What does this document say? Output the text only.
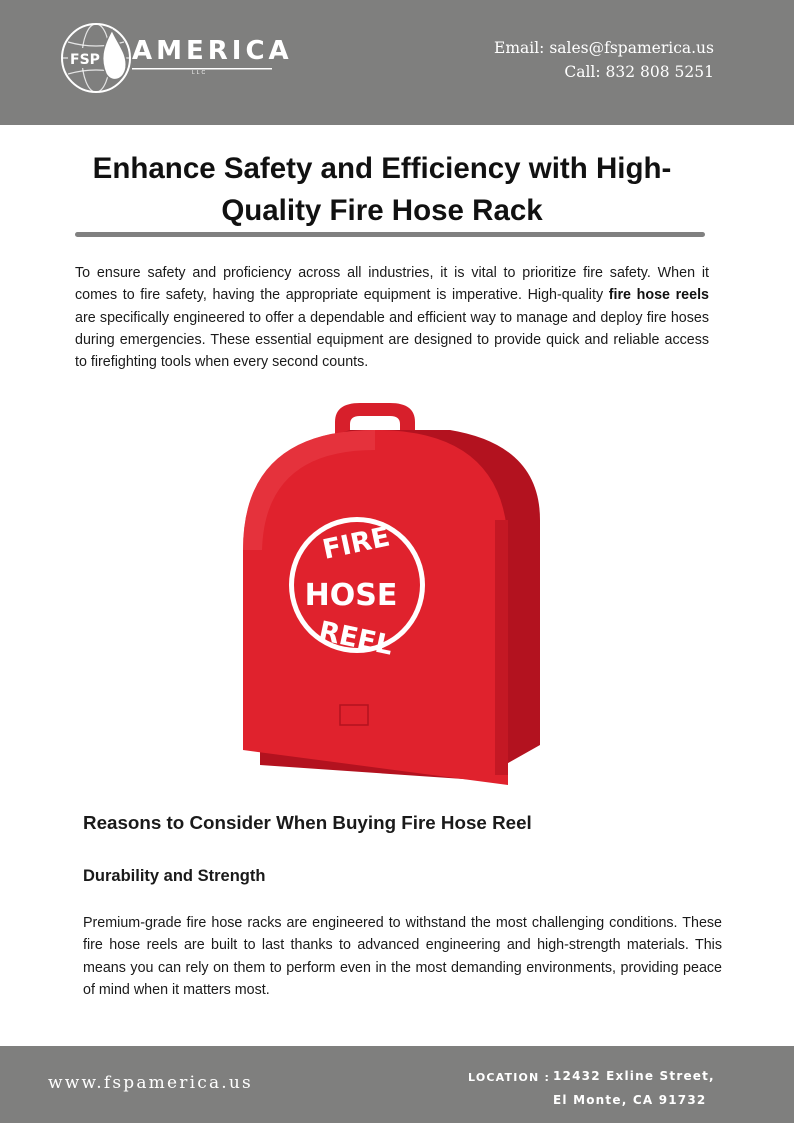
FSP AMERICA
LLC
Email: sales@fspamerica.us
Call: 832 808 5251
Enhance Safety and Efficiency with High-Quality Fire Hose Rack

To ensure safety and proficiency across all industries, it is vital to prioritize fire safety. When it comes to fire safety, having the appropriate equipment is imperative. High-quality fire hose reels are specifically engineered to offer a dependable and efficient way to manage and deploy fire hoses during emergencies. These essential equipment are designed to provide quick and reliable access to firefighting tools when every second counts.

FIRE
HOSE
REEL
Reasons to Consider When Buying Fire Hose Reel
Durability and Strength

Premium-grade fire hose racks are engineered to withstand the most challenging conditions. These fire hose reels are built to last thanks to advanced engineering and high-strength materials. This means you can rely on them to perform even in the most demanding environments, providing peace of mind when it matters most.

www.fspamerica.us	LOCATION : 12432 Exline Street, El Monte, CA 91732
